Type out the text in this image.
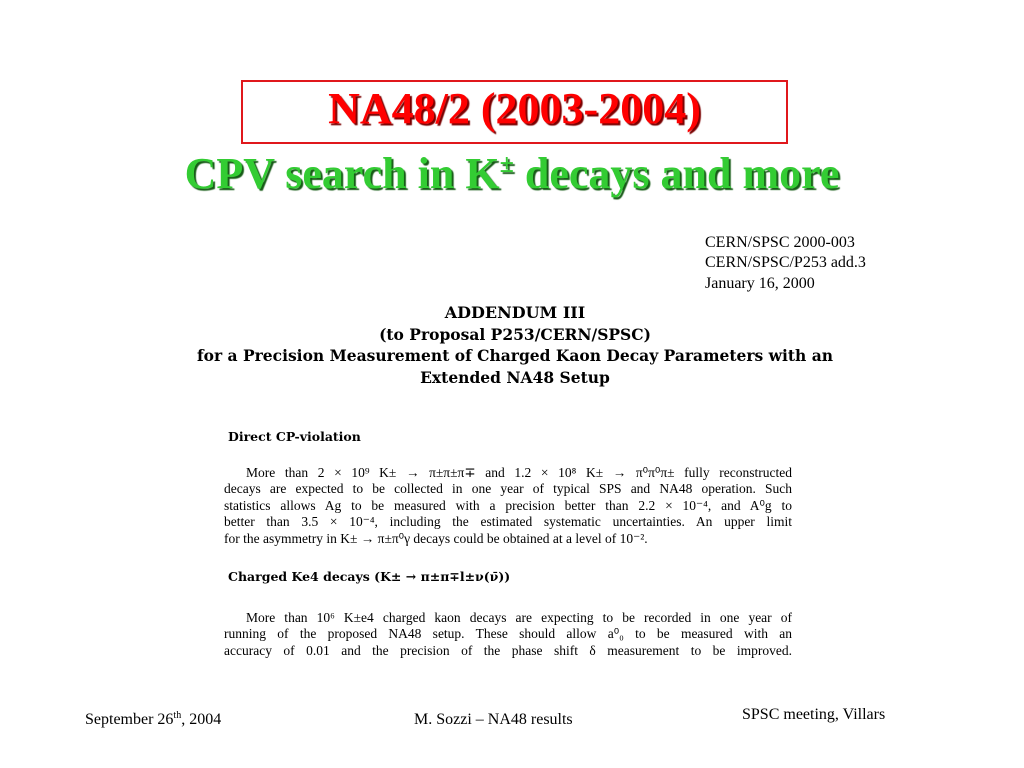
NA48/2 (2003-2004)
CPV search in K± decays and more
CERN/SPSC 2000-003
CERN/SPSC/P253 add.3
January 16, 2000
ADDENDUM III
(to Proposal P253/CERN/SPSC)
for a Precision Measurement of Charged Kaon Decay Parameters with an
Extended NA48 Setup
Direct CP-violation
More than 2 × 10⁹ K± → π±π±π∓ and 1.2 × 10⁸ K± → π⁰π⁰π± fully reconstructed
decays are expected to be collected in one year of typical SPS and NA48 operation. Such
statistics allows Ag to be measured with a precision better than 2.2 × 10⁻⁴, and A⁰g to
better than 3.5 × 10⁻⁴, including the estimated systematic uncertainties. An upper limit
for the asymmetry in K± → π±π⁰γ decays could be obtained at a level of 10⁻².
Charged Ke4 decays (K± → π±π∓l±ν(ν̄))
More than 10⁶ K±e4 charged kaon decays are expecting to be recorded in one year of
running of the proposed NA48 setup. These should allow a⁰₀ to be measured with an
accuracy of 0.01 and the precision of the phase shift δ measurement to be improved.
September 26th, 2004	M. Sozzi – NA48 results	SPSC meeting, Villars
